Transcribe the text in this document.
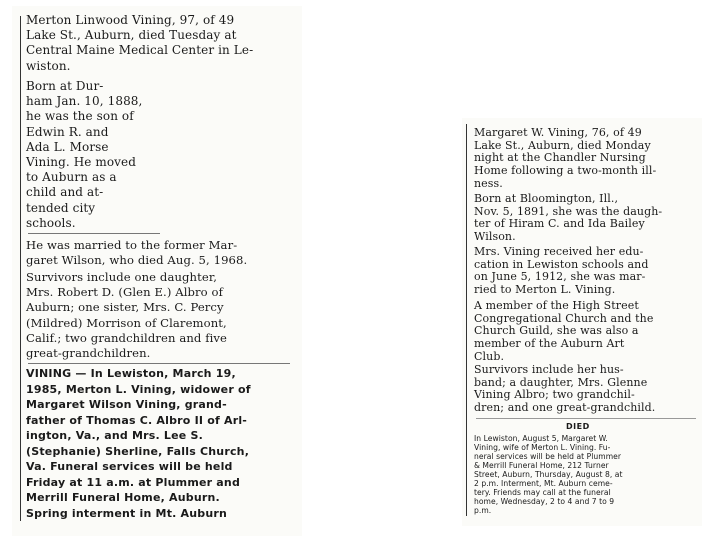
Merton Linwood Vining, 97, of 49
Lake St., Auburn, died Tuesday at
Central Maine Medical Center in Le-
wiston.

Born at Dur-
ham Jan. 10, 1888,
he was the son of
Edwin R. and
Ada L. Morse
Vining. He moved
to Auburn as a
child and at-
tended city
schools.

He was married to the former Mar-
garet Wilson, who died Aug. 5, 1968.

Survivors include one daughter,
Mrs. Robert D. (Glen E.) Albro of
Auburn; one sister, Mrs. C. Percy
(Mildred) Morrison of Claremont,
Calif.; two grandchildren and five
great-grandchildren.

VINING — In Lewiston, March 19,
1985, Merton L. Vining, widower of
Margaret Wilson Vining, grand-
father of Thomas C. Albro II of Arl-
ington, Va., and Mrs. Lee S.
(Stephanie) Sherline, Falls Church,
Va. Funeral services will be held
Friday at 11 a.m. at Plummer and
Merrill Funeral Home, Auburn.
Spring interment in Mt. Auburn

Margaret W. Vining, 76, of 49
Lake St., Auburn, died Monday
night at the Chandler Nursing
Home following a two-month ill-
ness.

Born at Bloomington, Ill.,
Nov. 5, 1891, she was the daugh-
ter of Hiram C. and Ida Bailey
Wilson.

Mrs. Vining received her edu-
cation in Lewiston schools and
on June 5, 1912, she was mar-
ried to Merton L. Vining.

A member of the High Street
Congregational Church and the
Church Guild, she was also a
member of the Auburn Art
Club.

Survivors include her hus-
band; a daughter, Mrs. Glenne
Vining Albro; two grandchil-
dren; and one great-grandchild.

DIED

In Lewiston, August 5, Margaret W.
Vining, wife of Merton L. Vining. Fu-
neral services will be held at Plummer
& Merrill Funeral Home, 212 Turner
Street, Auburn, Thursday, August 8, at
2 p.m. Interment, Mt. Auburn ceme-
tery. Friends may call at the funeral
home, Wednesday, 2 to 4 and 7 to 9
p.m.
